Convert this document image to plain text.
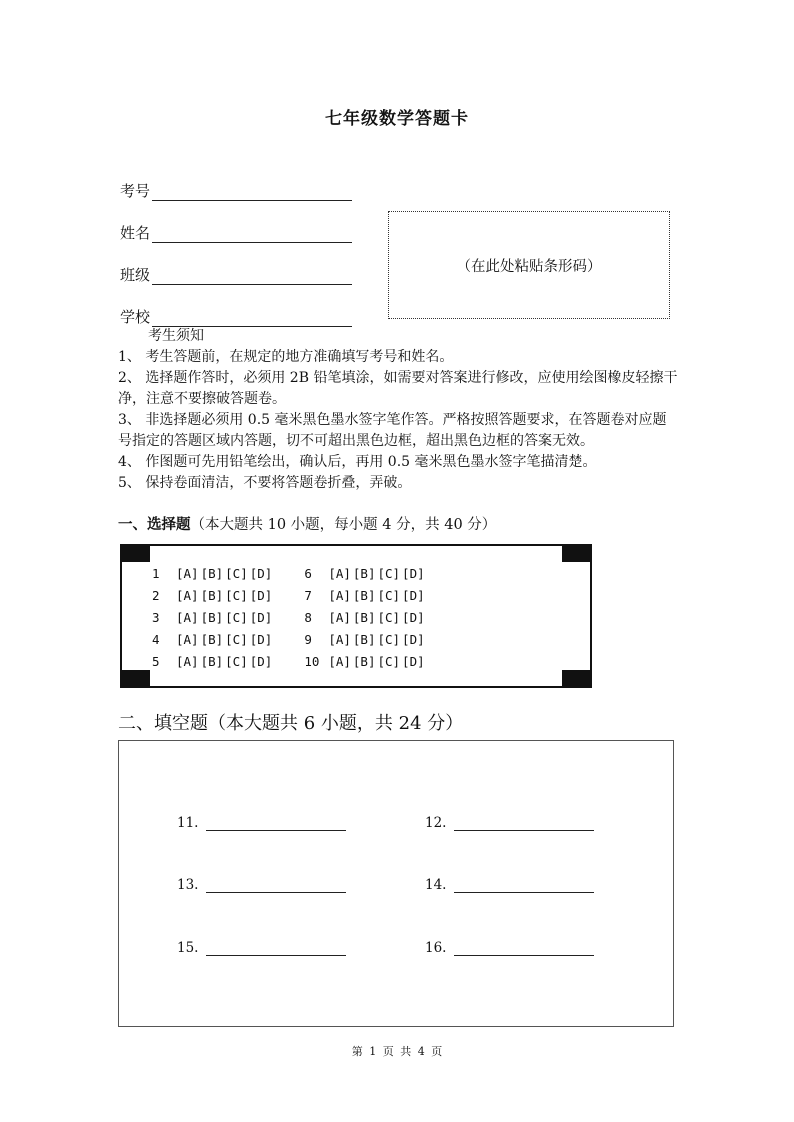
七年级数学答题卡
考号
姓名
班级
学校
（在此处粘贴条形码）

考生须知

1、 考生答题前，在规定的地方准确填写考号和姓名。

2、 选择题作答时，必须用 2B 铅笔填涂，如需要对答案进行修改，应使用绘图橡皮轻擦干净，注意不要擦破答题卷。

3、 非选择题必须用 0.5 毫米黑色墨水签字笔作答。严格按照答题要求，在答题卷对应题号指定的答题区域内答题，切不可超出黑色边框，超出黑色边框的答案无效。

4、 作图题可先用铅笔绘出，确认后，再用 0.5 毫米黑色墨水签字笔描清楚。

5、 保持卷面清洁，不要将答题卷折叠，弄破。

一、选择题（本大题共 10 小题，每小题 4 分，共 40 分）
1	[A] [B] [C] [D]	6	[A] [B] [C] [D]
2	[A] [B] [C] [D]	7	[A] [B] [C] [D]
3	[A] [B] [C] [D]	8	[A] [B] [C] [D]
4	[A] [B] [C] [D]	9	[A] [B] [C] [D]
5	[A] [B] [C] [D]	10 [A] [B] [C] [D]
二、填空题（本大题共 6 小题，共 24 分）
11.	12.
13.	14.
15.	16.
第 1 页 共 4 页
